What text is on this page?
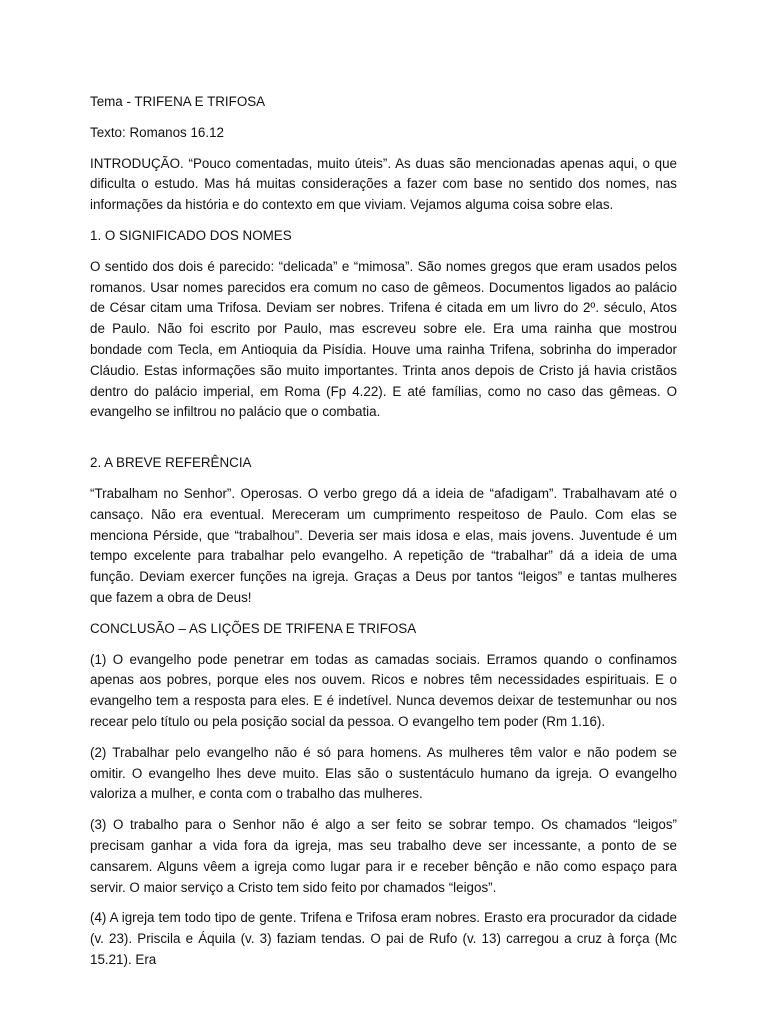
Tema - TRIFENA E TRIFOSA

Texto: Romanos 16.12

INTRODUÇÃO. “Pouco comentadas, muito úteis”. As duas são mencionadas apenas aqui, o que dificulta o estudo. Mas há muitas considerações a fazer com base no sentido dos nomes, nas informações da história e do contexto em que viviam. Vejamos alguma coisa sobre elas.

1. O SIGNIFICADO DOS NOMES

O sentido dos dois é parecido: “delicada” e “mimosa”. São nomes gregos que eram usados pelos romanos. Usar nomes parecidos era comum no caso de gêmeos. Documentos ligados ao palácio de César citam uma Trifosa. Deviam ser nobres. Trifena é citada em um livro do 2º. século, Atos de Paulo. Não foi escrito por Paulo, mas escreveu sobre ele. Era uma rainha que mostrou bondade com Tecla, em Antioquia da Pisídia. Houve uma rainha Trifena, sobrinha do imperador Cláudio. Estas informações são muito importantes. Trinta anos depois de Cristo já havia cristãos dentro do palácio imperial, em Roma (Fp 4.22). E até famílias, como no caso das gêmeas. O evangelho se infiltrou no palácio que o combatia.

2. A BREVE REFERÊNCIA

“Trabalham no Senhor”. Operosas. O verbo grego dá a ideia de “afadigam”. Trabalhavam até o cansaço. Não era eventual. Mereceram um cumprimento respeitoso de Paulo. Com elas se menciona Pérside, que “trabalhou”. Deveria ser mais idosa e elas, mais jovens. Juventude é um tempo excelente para trabalhar pelo evangelho. A repetição de “trabalhar” dá a ideia de uma função. Deviam exercer funções na igreja. Graças a Deus por tantos “leigos” e tantas mulheres que fazem a obra de Deus!

CONCLUSÃO – AS LIÇÕES DE TRIFENA E TRIFOSA

(1) O evangelho pode penetrar em todas as camadas sociais. Erramos quando o confinamos apenas aos pobres, porque eles nos ouvem. Ricos e nobres têm necessidades espirituais. E o evangelho tem a resposta para eles. E é indetível. Nunca devemos deixar de testemunhar ou nos recear pelo título ou pela posição social da pessoa. O evangelho tem poder (Rm 1.16).

(2) Trabalhar pelo evangelho não é só para homens. As mulheres têm valor e não podem se omitir. O evangelho lhes deve muito. Elas são o sustentáculo humano da igreja. O evangelho valoriza a mulher, e conta com o trabalho das mulheres.

(3) O trabalho para o Senhor não é algo a ser feito se sobrar tempo. Os chamados “leigos” precisam ganhar a vida fora da igreja, mas seu trabalho deve ser incessante, a ponto de se cansarem. Alguns vêem a igreja como lugar para ir e receber bênção e não como espaço para servir. O maior serviço a Cristo tem sido feito por chamados “leigos”.

(4) A igreja tem todo tipo de gente. Trifena e Trifosa eram nobres. Erasto era procurador da cidade (v. 23). Priscila e Áquila (v. 3) faziam tendas. O pai de Rufo (v. 13) carregou a cruz à força (Mc 15.21). Era
